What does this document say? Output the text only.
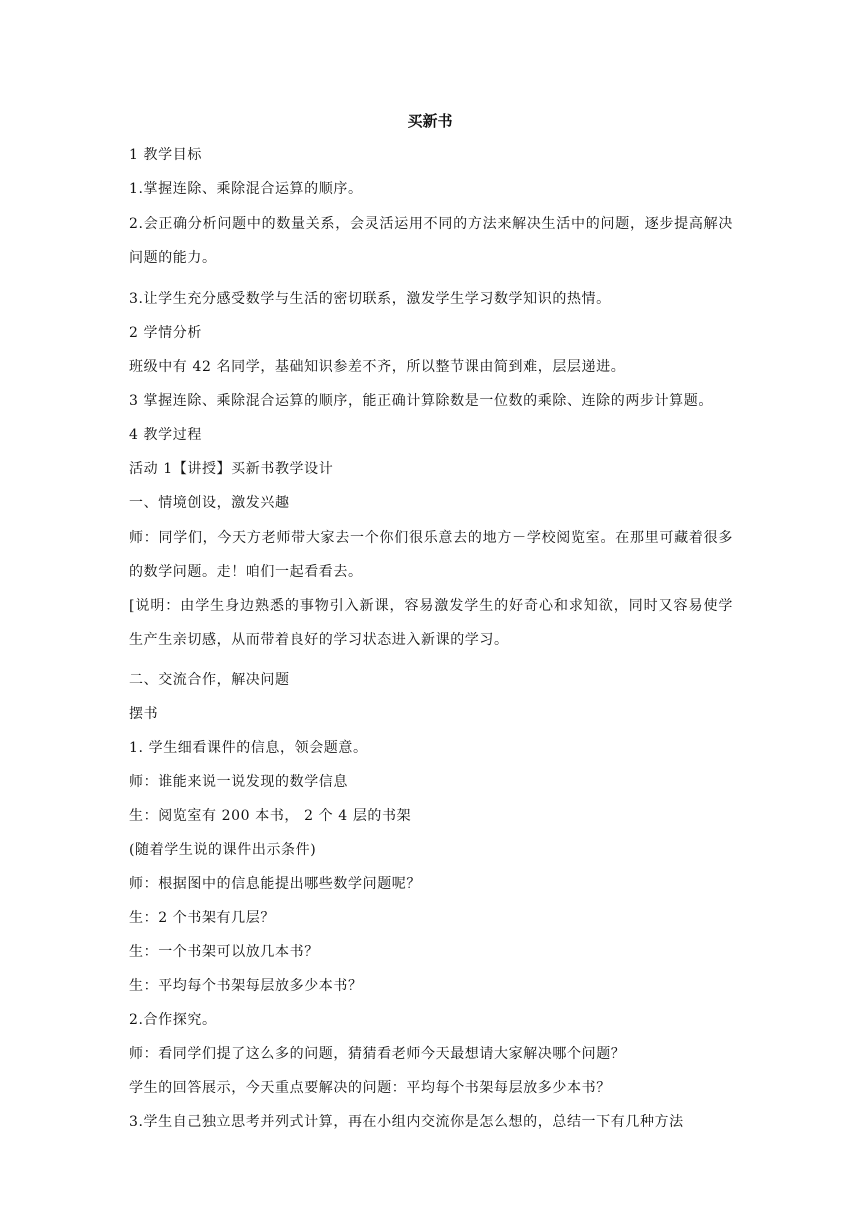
买新书

1 教学目标

1.掌握连除、乘除混合运算的顺序。

2.会正确分析问题中的数量关系，会灵活运用不同的方法来解决生活中的问题，逐步提高解决问题的能力。

3.让学生充分感受数学与生活的密切联系，激发学生学习数学知识的热情。

2 学情分析

班级中有 42 名同学，基础知识参差不齐，所以整节课由简到难，层层递进。

3 掌握连除、乘除混合运算的顺序，能正确计算除数是一位数的乘除、连除的两步计算题。

4 教学过程

活动 1【讲授】买新书教学设计

一、情境创设，激发兴趣

师：同学们，今天方老师带大家去一个你们很乐意去的地方－学校阅览室。在那里可藏着很多的数学问题。走！咱们一起看看去。

[说明：由学生身边熟悉的事物引入新课，容易激发学生的好奇心和求知欲，同时又容易使学生产生亲切感，从而带着良好的学习状态进入新课的学习。

二、交流合作，解决问题

摆书

1. 学生细看课件的信息，领会题意。

师：谁能来说一说发现的数学信息

生：阅览室有 200 本书， 2 个 4 层的书架

(随着学生说的课件出示条件)

师：根据图中的信息能提出哪些数学问题呢？

生：2 个书架有几层？

生：一个书架可以放几本书？

生：平均每个书架每层放多少本书？

2.合作探究。

师：看同学们提了这么多的问题，猜猜看老师今天最想请大家解决哪个问题？

学生的回答展示，今天重点要解决的问题：平均每个书架每层放多少本书？

3.学生自己独立思考并列式计算，再在小组内交流你是怎么想的，总结一下有几种方法
